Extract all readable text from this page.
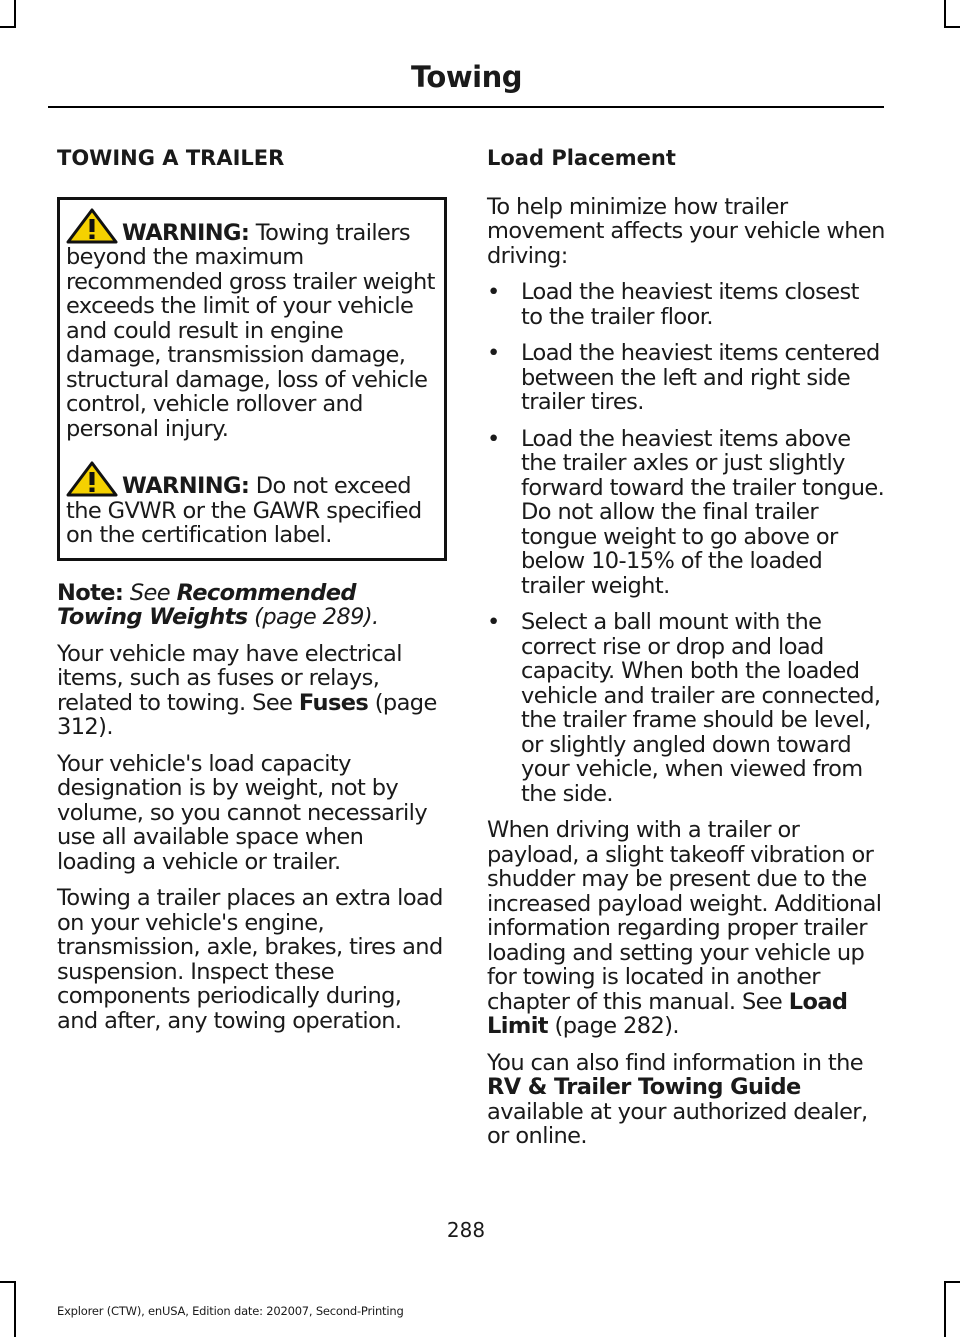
Towing
TOWING A TRAILER

WARNING: Towing trailers beyond the maximum recommended gross trailer weight exceeds the limit of your vehicle and could result in engine damage, transmission damage, structural damage, loss of vehicle control, vehicle rollover and personal injury.

WARNING: Do not exceed the GVWR or the GAWR specified on the certification label.

Note: See Recommended Towing Weights (page 289).

Your vehicle may have electrical items, such as fuses or relays, related to towing. See Fuses (page 312).

Your vehicle's load capacity designation is by weight, not by volume, so you cannot necessarily use all available space when loading a vehicle or trailer.

Towing a trailer places an extra load on your vehicle's engine, transmission, axle, brakes, tires and suspension. Inspect these components periodically during, and after, any towing operation.

Load Placement

To help minimize how trailer movement affects your vehicle when driving:

• Load the heaviest items closest to the trailer floor.
• Load the heaviest items centered between the left and right side trailer tires.
• Load the heaviest items above the trailer axles or just slightly forward toward the trailer tongue. Do not allow the final trailer tongue weight to go above or below 10-15% of the loaded trailer weight.
• Select a ball mount with the correct rise or drop and load capacity. When both the loaded vehicle and trailer are connected, the trailer frame should be level, or slightly angled down toward your vehicle, when viewed from the side.

When driving with a trailer or payload, a slight takeoff vibration or shudder may be present due to the increased payload weight. Additional information regarding proper trailer loading and setting your vehicle up for towing is located in another chapter of this manual. See Load Limit (page 282).

You can also find information in the RV & Trailer Towing Guide available at your authorized dealer, or online.

288
Explorer (CTW), enUSA, Edition date: 202007, Second-Printing
